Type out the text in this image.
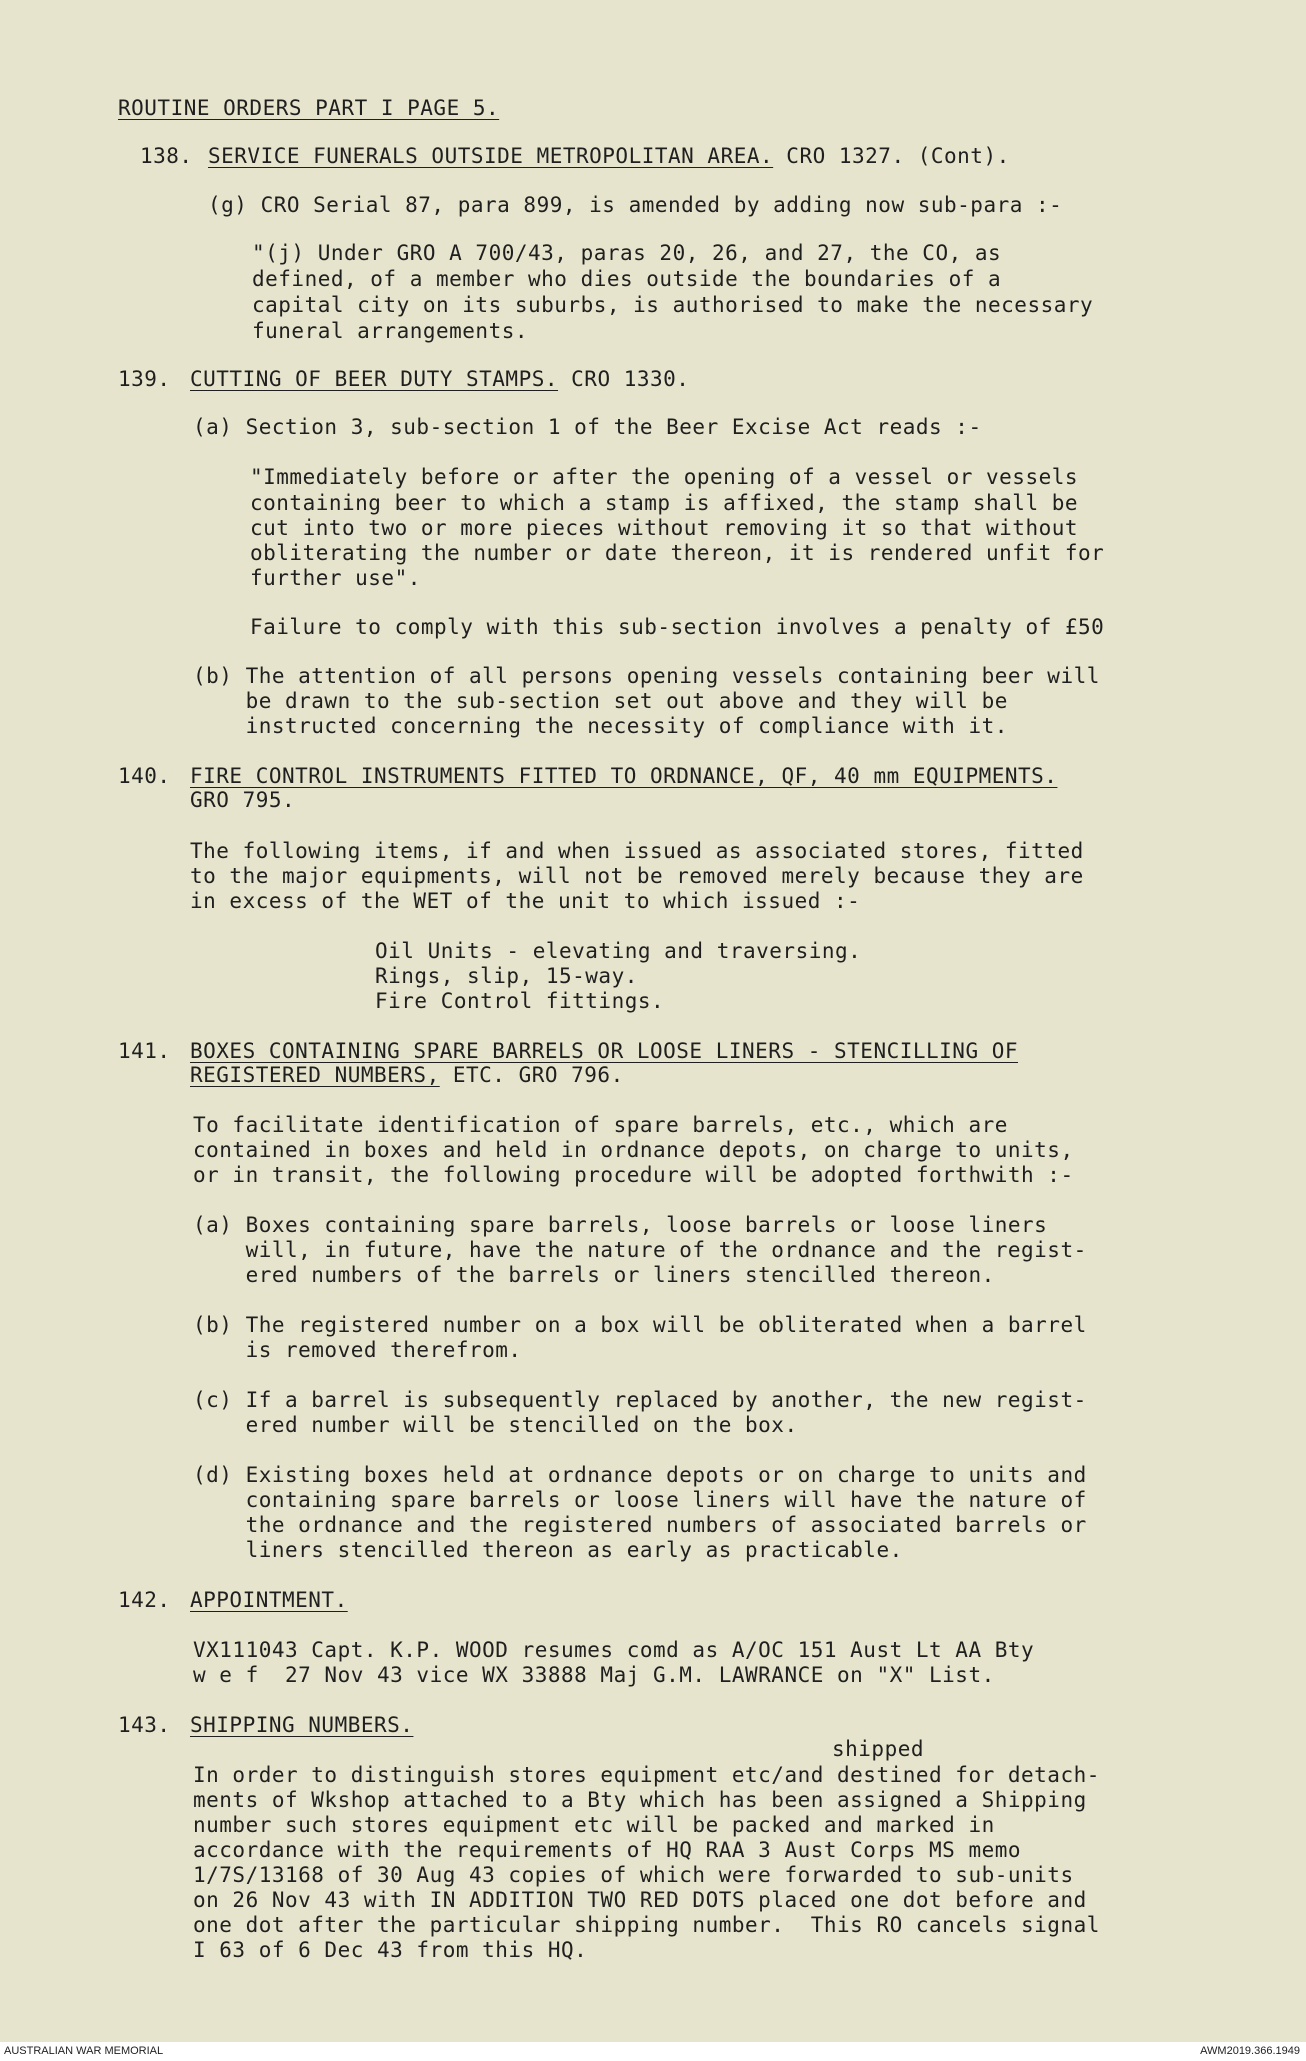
ROUTINE ORDERS PART I PAGE 5.
138. SERVICE FUNERALS OUTSIDE METROPOLITAN AREA. CRO 1327. (Cont).
(g) CRO Serial 87, para 899, is amended by adding now sub-para :-
"(j) Under GRO A 700/43, paras 20, 26, and 27, the CO, as
defined, of a member who dies outside the boundaries of a
capital city on its suburbs, is authorised to make the necessary
funeral arrangements.
139. CUTTING OF BEER DUTY STAMPS. CRO 1330.
(a) Section 3, sub-section 1 of the Beer Excise Act reads :-
"Immediately before or after the opening of a vessel or vessels
containing beer to which a stamp is affixed, the stamp shall be
cut into two or more pieces without removing it so that without
obliterating the number or date thereon, it is rendered unfit for
further use".
Failure to comply with this sub-section involves a penalty of £50
(b) The attention of all persons opening vessels containing beer will
be drawn to the sub-section set out above and they will be
instructed concerning the necessity of compliance with it.
140. FIRE CONTROL INSTRUMENTS FITTED TO ORDNANCE, QF, 40 mm EQUIPMENTS.
GRO 795.
The following items, if and when issued as associated stores, fitted
to the major equipments, will not be removed merely because they are
in excess of the WET of the unit to which issued :-
Oil Units - elevating and traversing.
Rings, slip, 15-way.
Fire Control fittings.
141. BOXES CONTAINING SPARE BARRELS OR LOOSE LINERS - STENCILLING OF
REGISTERED NUMBERS, ETC. GRO 796.
To facilitate identification of spare barrels, etc., which are
contained in boxes and held in ordnance depots, on charge to units,
or in transit, the following procedure will be adopted forthwith :-
(a) Boxes containing spare barrels, loose barrels or loose liners
will, in future, have the nature of the ordnance and the regist-
ered numbers of the barrels or liners stencilled thereon.
(b) The registered number on a box will be obliterated when a barrel
is removed therefrom.
(c) If a barrel is subsequently replaced by another, the new regist-
ered number will be stencilled on the box.
(d) Existing boxes held at ordnance depots or on charge to units and
containing spare barrels or loose liners will have the nature of
the ordnance and the registered numbers of associated barrels or
liners stencilled thereon as early as practicable.
142. APPOINTMENT.
VX111043 Capt. K.P. WOOD resumes comd as A/OC 151 Aust Lt AA Bty
w e f  27 Nov 43 vice WX 33888 Maj G.M. LAWRANCE on "X" List.
143. SHIPPING NUMBERS.
shipped
In order to distinguish stores equipment etc/and destined for detach-
ments of Wkshop attached to a Bty which has been assigned a Shipping
number such stores equipment etc will be packed and marked in
accordance with the requirements of HQ RAA 3 Aust Corps MS memo
1/7S/13168 of 30 Aug 43 copies of which were forwarded to sub-units
on 26 Nov 43 with IN ADDITION TWO RED DOTS placed one dot before and
one dot after the particular shipping number.  This RO cancels signal
I 63 of 6 Dec 43 from this HQ.
AUSTRALIAN WAR MEMORIAL	AWM2019.366.1949
